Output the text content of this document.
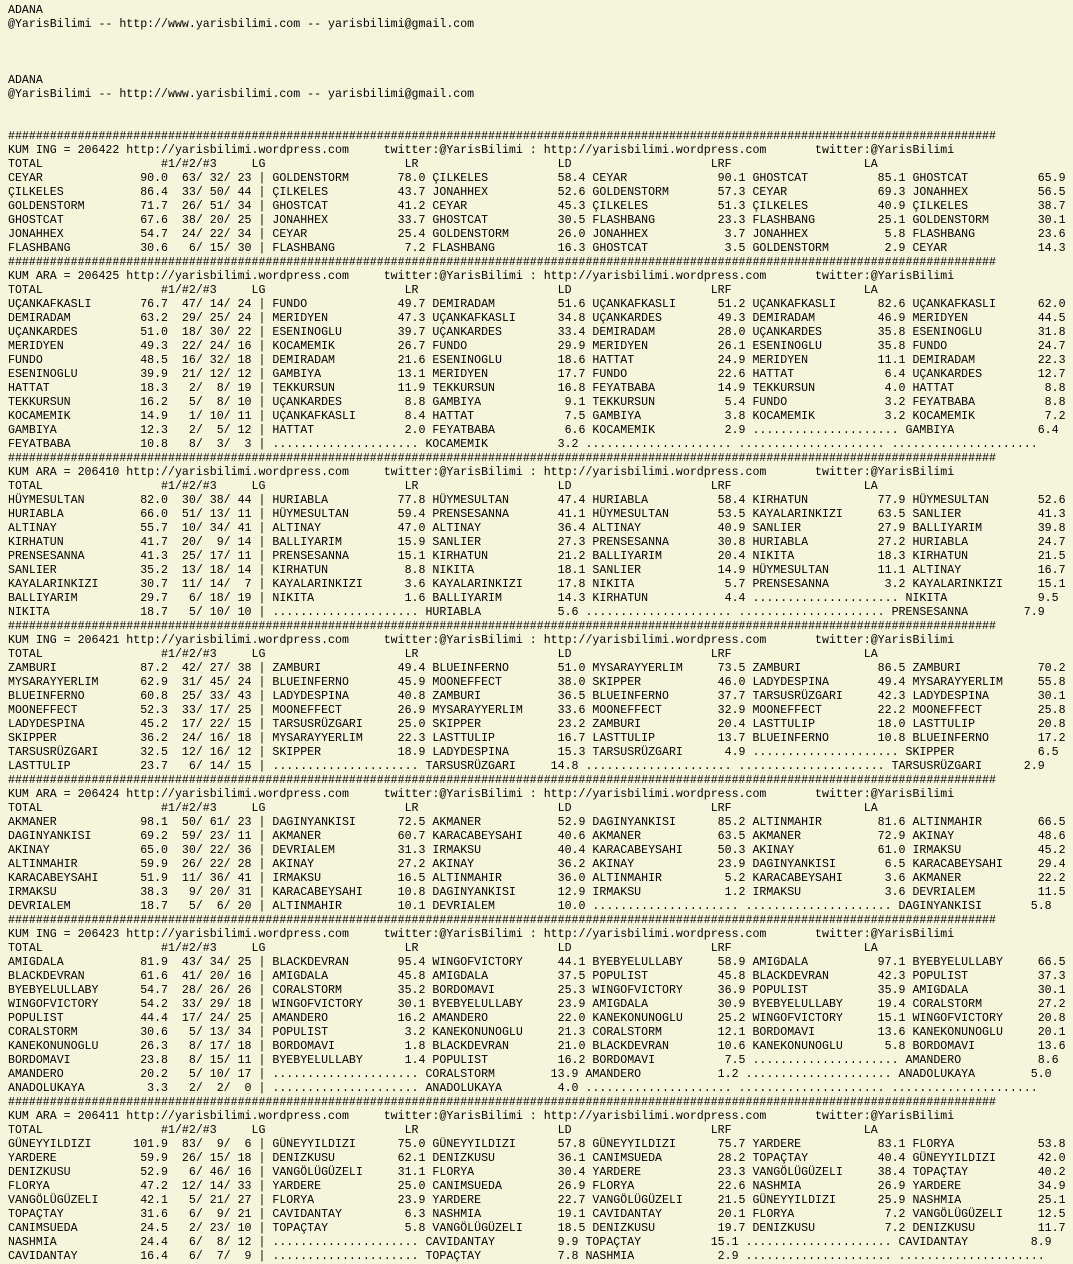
ADANA
@YarisBilimi -- http://www.yarisbilimi.com -- yarisbilimi@gmail.com

ADANA
@YarisBilimi -- http://www.yarisbilimi.com -- yarisbilimi@gmail.com

##############################################################################################################################################
KUM ING = 206422 http://yarisbilimi.wordpress.com     twitter:@YarisBilimi : http://yarisbilimi.wordpress.com       twitter:@YarisBilimi
TOTAL                 #1/#2/#3     LG                    LR                    LD                    LRF                   LA
CEYAR              90.0  63/ 32/ 23 | GOLDENSTORM       78.0 ÇILKELES          58.4 CEYAR             90.1 GHOSTCAT          85.1 GHOSTCAT          65.9
ÇILKELES           86.4  33/ 50/ 44 | ÇILKELES          43.7 JONAHHEX          52.6 GOLDENSTORM       57.3 CEYAR             69.3 JONAHHEX          56.5
GOLDENSTORM        71.7  26/ 51/ 34 | GHOSTCAT          41.2 CEYAR             45.3 ÇILKELES          51.3 ÇILKELES          40.9 ÇILKELES          38.7
GHOSTCAT           67.6  38/ 20/ 25 | JONAHHEX          33.7 GHOSTCAT          30.5 FLASHBANG         23.3 FLASHBANG         25.1 GOLDENSTORM       30.1
JONAHHEX           54.7  24/ 22/ 34 | CEYAR             25.4 GOLDENSTORM       26.0 JONAHHEX           3.7 JONAHHEX           5.8 FLASHBANG         23.6
FLASHBANG          30.6   6/ 15/ 30 | FLASHBANG          7.2 FLASHBANG         16.3 GHOSTCAT           3.5 GOLDENSTORM        2.9 CEYAR             14.3
##############################################################################################################################################
KUM ARA = 206425 http://yarisbilimi.wordpress.com     twitter:@YarisBilimi : http://yarisbilimi.wordpress.com       twitter:@YarisBilimi
TOTAL                 #1/#2/#3     LG                    LR                    LD                    LRF                   LA
UÇANKAFKASLI       76.7  47/ 14/ 24 | FUNDO             49.7 DEMIRADAM         51.6 UÇANKAFKASLI      51.2 UÇANKAFKASLI      82.6 UÇANKAFKASLI      62.0
DEMIRADAM          63.2  29/ 25/ 24 | MERIDYEN          47.3 UÇANKAFKASLI      34.8 UÇANKARDES        49.3 DEMIRADAM         46.9 MERIDYEN          44.5
UÇANKARDES         51.0  18/ 30/ 22 | ESENINOGLU        39.7 UÇANKARDES        33.4 DEMIRADAM         28.0 UÇANKARDES        35.8 ESENINOGLU        31.8
MERIDYEN           49.3  22/ 24/ 16 | KOCAMEMIK         26.7 FUNDO             29.9 MERIDYEN          26.1 ESENINOGLU        35.8 FUNDO             24.7
FUNDO              48.5  16/ 32/ 18 | DEMIRADAM         21.6 ESENINOGLU        18.6 HATTAT            24.9 MERIDYEN          11.1 DEMIRADAM         22.3
ESENINOGLU         39.9  21/ 12/ 12 | GAMBIYA           13.1 MERIDYEN          17.7 FUNDO             22.6 HATTAT             6.4 UÇANKARDES        12.7
HATTAT             18.3   2/  8/ 19 | TEKKURSUN         11.9 TEKKURSUN         16.8 FEYATBABA         14.9 TEKKURSUN          4.0 HATTAT             8.8
TEKKURSUN          16.2   5/  8/ 10 | UÇANKARDES         8.8 GAMBIYA            9.1 TEKKURSUN          5.4 FUNDO              3.2 FEYATBABA          8.8
KOCAMEMIK          14.9   1/ 10/ 11 | UÇANKAFKASLI       8.4 HATTAT             7.5 GAMBIYA            3.8 KOCAMEMIK          3.2 KOCAMEMIK          7.2
GAMBIYA            12.3   2/  5/ 12 | HATTAT             2.0 FEYATBABA          6.6 KOCAMEMIK          2.9 ..................... GAMBIYA            6.4
FEYATBABA          10.8   8/  3/  3 | ..................... KOCAMEMIK          3.2 ..................... ..................... .....................
##############################################################################################################################################
KUM ARA = 206410 http://yarisbilimi.wordpress.com     twitter:@YarisBilimi : http://yarisbilimi.wordpress.com       twitter:@YarisBilimi
TOTAL                 #1/#2/#3     LG                    LR                    LD                    LRF                   LA
HÜYMESULTAN        82.0  30/ 38/ 44 | HURIABLA          77.8 HÜYMESULTAN       47.4 HURIABLA          58.4 KIRHATUN          77.9 HÜYMESULTAN       52.6
HURIABLA           66.0  51/ 13/ 11 | HÜYMESULTAN       59.4 PRENSESANNA       41.1 HÜYMESULTAN       53.5 KAYALARINKIZI     63.5 SANLIER           41.3
ALTINAY            55.7  10/ 34/ 41 | ALTINAY           47.0 ALTINAY           36.4 ALTINAY           40.9 SANLIER           27.9 BALLIYARIM        39.8
KIRHATUN           41.7  20/  9/ 14 | BALLIYARIM        15.9 SANLIER           27.3 PRENSESANNA       30.8 HURIABLA          27.2 HURIABLA          24.7
PRENSESANNA        41.3  25/ 17/ 11 | PRENSESANNA       15.1 KIRHATUN          21.2 BALLIYARIM        20.4 NIKITA            18.3 KIRHATUN          21.5
SANLIER            35.2  13/ 18/ 14 | KIRHATUN           8.8 NIKITA            18.1 SANLIER           14.9 HÜYMESULTAN       11.1 ALTINAY           16.7
KAYALARINKIZI      30.7  11/ 14/  7 | KAYALARINKIZI      3.6 KAYALARINKIZI     17.8 NIKITA             5.7 PRENSESANNA        3.2 KAYALARINKIZI     15.1
BALLIYARIM         29.7   6/ 18/ 19 | NIKITA             1.6 BALLIYARIM        14.3 KIRHATUN           4.4 ..................... NIKITA             9.5
NIKITA             18.7   5/ 10/ 10 | ..................... HURIABLA           5.6 ..................... ..................... PRENSESANNA        7.9
##############################################################################################################################################
KUM ING = 206421 http://yarisbilimi.wordpress.com     twitter:@YarisBilimi : http://yarisbilimi.wordpress.com       twitter:@YarisBilimi
TOTAL                 #1/#2/#3     LG                    LR                    LD                    LRF                   LA
ZAMBURI            87.2  42/ 27/ 38 | ZAMBURI           49.4 BLUEINFERNO       51.0 MYSARAYYERLIM     73.5 ZAMBURI           86.5 ZAMBURI           70.2
MYSARAYYERLIM      62.9  31/ 45/ 24 | BLUEINFERNO       45.9 MOONEFFECT        38.0 SKIPPER           46.0 LADYDESPINA       49.4 MYSARAYYERLIM     55.8
BLUEINFERNO        60.8  25/ 33/ 43 | LADYDESPINA       40.8 ZAMBURI           36.5 BLUEINFERNO       37.7 TARSUSRÜZGARI     42.3 LADYDESPINA       30.1
MOONEFFECT         52.3  33/ 17/ 25 | MOONEFFECT        26.9 MYSARAYYERLIM     33.6 MOONEFFECT        32.9 MOONEFFECT        22.2 MOONEFFECT        25.8
LADYDESPINA        45.2  17/ 22/ 15 | TARSUSRÜZGARI     25.0 SKIPPER           23.2 ZAMBURI           20.4 LASTTULIP         18.0 LASTTULIP         20.8
SKIPPER            36.2  24/ 16/ 18 | MYSARAYYERLIM     22.3 LASTTULIP         16.7 LASTTULIP         13.7 BLUEINFERNO       10.8 BLUEINFERNO       17.2
TARSUSRÜZGARI      32.5  12/ 16/ 12 | SKIPPER           18.9 LADYDESPINA       15.3 TARSUSRÜZGARI      4.9 ..................... SKIPPER            6.5
LASTTULIP          23.7   6/ 14/ 15 | ..................... TARSUSRÜZGARI     14.8 ..................... ..................... TARSUSRÜZGARI      2.9
##############################################################################################################################################
KUM ARA = 206424 http://yarisbilimi.wordpress.com     twitter:@YarisBilimi : http://yarisbilimi.wordpress.com       twitter:@YarisBilimi
TOTAL                 #1/#2/#3     LG                    LR                    LD                    LRF                   LA
AKMANER            98.1  50/ 61/ 23 | DAGINYANKISI      72.5 AKMANER           52.9 DAGINYANKISI      85.2 ALTINMAHIR        81.6 ALTINMAHIR        66.5
DAGINYANKISI       69.2  59/ 23/ 11 | AKMANER           60.7 KARACABEYSAHI     40.6 AKMANER           63.5 AKMANER           72.9 AKINAY            48.6
AKINAY             65.0  30/ 22/ 36 | DEVRIALEM         31.3 IRMAKSU           40.4 KARACABEYSAHI     50.3 AKINAY            61.0 IRMAKSU           45.2
ALTINMAHIR         59.9  26/ 22/ 28 | AKINAY            27.2 AKINAY            36.2 AKINAY            23.9 DAGINYANKISI       6.5 KARACABEYSAHI     29.4
KARACABEYSAHI      51.9  11/ 36/ 41 | IRMAKSU           16.5 ALTINMAHIR        36.0 ALTINMAHIR         5.2 KARACABEYSAHI      3.6 AKMANER           22.2
IRMAKSU            38.3   9/ 20/ 31 | KARACABEYSAHI     10.8 DAGINYANKISI      12.9 IRMAKSU            1.2 IRMAKSU            3.6 DEVRIALEM         11.5
DEVRIALEM          18.7   5/  6/ 20 | ALTINMAHIR        10.1 DEVRIALEM         10.0 ..................... ..................... DAGINYANKISI       5.8
##############################################################################################################################################
KUM ING = 206423 http://yarisbilimi.wordpress.com     twitter:@YarisBilimi : http://yarisbilimi.wordpress.com       twitter:@YarisBilimi
TOTAL                 #1/#2/#3     LG                    LR                    LD                    LRF                   LA
AMIGDALA           81.9  43/ 34/ 25 | BLACKDEVRAN       95.4 WINGOFVICTORY     44.1 BYEBYELULLABY     58.9 AMIGDALA          97.1 BYEBYELULLABY     66.5
BLACKDEVRAN        61.6  41/ 20/ 16 | AMIGDALA          45.8 AMIGDALA          37.5 POPULIST          45.8 BLACKDEVRAN       42.3 POPULIST          37.3
BYEBYELULLABY      54.7  28/ 26/ 26 | CORALSTORM        35.2 BORDOMAVI         25.3 WINGOFVICTORY     36.9 POPULIST          35.9 AMIGDALA          30.1
WINGOFVICTORY      54.2  33/ 29/ 18 | WINGOFVICTORY     30.1 BYEBYELULLABY     23.9 AMIGDALA          30.9 BYEBYELULLABY     19.4 CORALSTORM        27.2
POPULIST           44.4  17/ 24/ 25 | AMANDERO          16.2 AMANDERO          22.0 KANEKONUNOGLU     25.2 WINGOFVICTORY     15.1 WINGOFVICTORY     20.8
CORALSTORM         30.6   5/ 13/ 34 | POPULIST           3.2 KANEKONUNOGLU     21.3 CORALSTORM        12.1 BORDOMAVI         13.6 KANEKONUNOGLU     20.1
KANEKONUNOGLU      26.3   8/ 17/ 18 | BORDOMAVI          1.8 BLACKDEVRAN       21.0 BLACKDEVRAN       10.6 KANEKONUNOGLU      5.8 BORDOMAVI         13.6
BORDOMAVI          23.8   8/ 15/ 11 | BYEBYELULLABY      1.4 POPULIST          16.2 BORDOMAVI          7.5 ..................... AMANDERO           8.6
AMANDERO           20.2   5/ 10/ 17 | ..................... CORALSTORM        13.9 AMANDERO           1.2 ..................... ANADOLUKAYA        5.0
ANADOLUKAYA         3.3   2/  2/  0 | ..................... ANADOLUKAYA        4.0 ..................... ..................... .....................
##############################################################################################################################################
KUM ARA = 206411 http://yarisbilimi.wordpress.com     twitter:@YarisBilimi : http://yarisbilimi.wordpress.com       twitter:@YarisBilimi
TOTAL                 #1/#2/#3     LG                    LR                    LD                    LRF                   LA
GÜNEYYILDIZI      101.9  83/  9/  6 | GÜNEYYILDIZI      75.0 GÜNEYYILDIZI      57.8 GÜNEYYILDIZI      75.7 YARDERE           83.1 FLORYA            53.8
YARDERE            59.9  26/ 15/ 18 | DENIZKUSU         62.1 DENIZKUSU         36.1 CANIMSUEDA        28.2 TOPAÇTAY          40.4 GÜNEYYILDIZI      42.0
DENIZKUSU          52.9   6/ 46/ 16 | VANGÖLÜGÜZELI     31.1 FLORYA            30.4 YARDERE           23.3 VANGÖLÜGÜZELI     38.4 TOPAÇTAY          40.2
FLORYA             47.2  12/ 14/ 33 | YARDERE           25.0 CANIMSUEDA        26.9 FLORYA            22.6 NASHMIA           26.9 YARDERE           34.9
VANGÖLÜGÜZELI      42.1   5/ 21/ 27 | FLORYA            23.9 YARDERE           22.7 VANGÖLÜGÜZELI     21.5 GÜNEYYILDIZI      25.9 NASHMIA           25.1
TOPAÇTAY           31.6   6/  9/ 21 | CAVIDANTAY         6.3 NASHMIA           19.1 CAVIDANTAY        20.1 FLORYA             7.2 VANGÖLÜGÜZELI     12.5
CANIMSUEDA         24.5   2/ 23/ 10 | TOPAÇTAY           5.8 VANGÖLÜGÜZELI     18.5 DENIZKUSU         19.7 DENIZKUSU          7.2 DENIZKUSU         11.7
NASHMIA            24.4   6/  8/ 12 | ..................... CAVIDANTAY         9.9 TOPAÇTAY          15.1 ..................... CAVIDANTAY         8.9
CAVIDANTAY         16.4   6/  7/  9 | ..................... TOPAÇTAY           7.8 NASHMIA            2.9 ..................... .....................
